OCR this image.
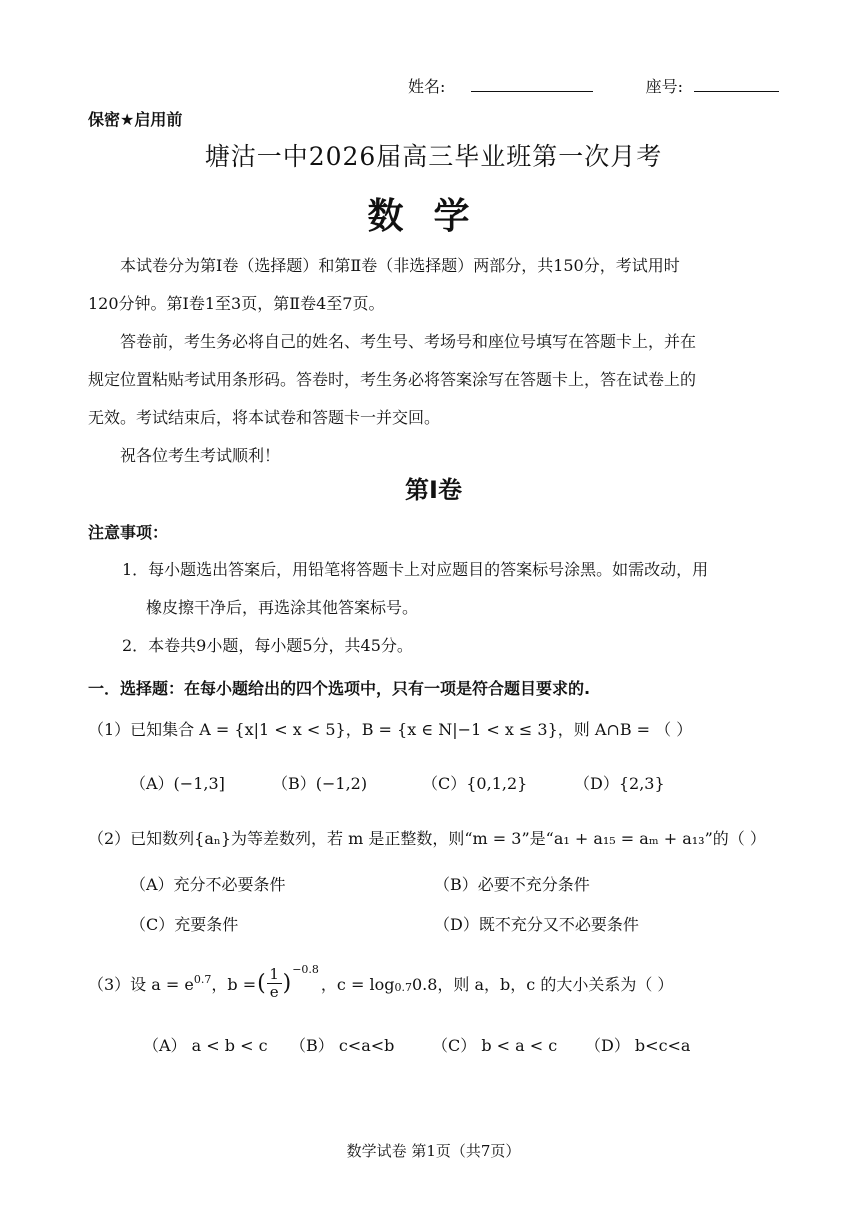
姓名:	座号:
保密★启用前
塘沽一中2026届高三毕业班第一次月考
数学
本试卷分为第Ⅰ卷（选择题）和第Ⅱ卷（非选择题）两部分，共150分，考试用时
120分钟。第Ⅰ卷1至3页，第Ⅱ卷4至7页。
答卷前，考生务必将自己的姓名、考生号、考场号和座位号填写在答题卡上，并在
规定位置粘贴考试用条形码。答卷时，考生务必将答案涂写在答题卡上，答在试卷上的
无效。考试结束后，将本试卷和答题卡一并交回。
祝各位考生考试顺利！
第Ⅰ卷
注意事项：
1．每小题选出答案后，用铅笔将答题卡上对应题目的答案标号涂黑。如需改动，用
橡皮擦干净后，再选涂其他答案标号。
2．本卷共9小题，每小题5分，共45分。
一．选择题：在每小题给出的四个选项中，只有一项是符合题目要求的.
（1）已知集合 A = {x|1 < x < 5}，B = {x ∈ N|−1 < x ≤ 3}，则 A∩B = （ ）
（A）(−1,3]	（B）(−1,2)	（C）{0,1,2}	（D）{2,3}
（2）已知数列{aₙ}为等差数列，若 m 是正整数，则“m = 3”是“a₁ + a₁₅ = aₘ + a₁₃”的（ ）
（A）充分不必要条件	（B）必要不充分条件
（C）充要条件	（D）既不充分又不必要条件
（3）设 $a = e^{0.7}$ ，b = ( $\frac{1}{e}$ )
$^{-0.8}$
，$c = \log_{0.7} 0.8$，则 a，b，c 的大小关系为（ ）
（A） a < b < c （B） c<a<b （C） b < a < c （D） b<c<a
数学试卷 第1页（共7页）
